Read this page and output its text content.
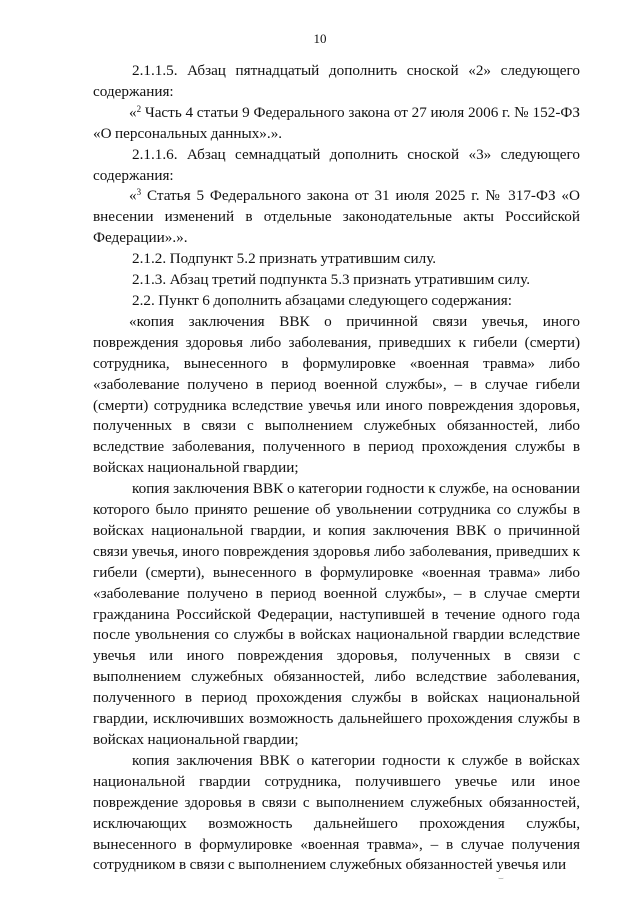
10

2.1.1.5. Абзац пятнадцатый дополнить сноской «2» следующего содержания:

«$^2$ Часть 4 статьи 9 Федерального закона от 27 июля 2006 г. № 152-ФЗ «О персональных данных».».

2.1.1.6. Абзац семнадцатый дополнить сноской «3» следующего содержания:

«$^3$ Статья 5 Федерального закона от 31 июля 2025 г. № 317-ФЗ «О внесении изменений в отдельные законодательные акты Российской Федерации».».

2.1.2. Подпункт 5.2 признать утратившим силу.

2.1.3. Абзац третий подпункта 5.3 признать утратившим силу.

2.2. Пункт 6 дополнить абзацами следующего содержания:

«копия заключения ВВК о причинной связи увечья, иного повреждения здоровья либо заболевания, приведших к гибели (смерти) сотрудника, вынесенного в формулировке «военная травма» либо «заболевание получено в период военной службы», – в случае гибели (смерти) сотрудника вследствие увечья или иного повреждения здоровья, полученных в связи с выполнением служебных обязанностей, либо вследствие заболевания, полученного в период прохождения службы в войсках национальной гвардии;

копия заключения ВВК о категории годности к службе, на основании которого было принято решение об увольнении сотрудника со службы в войсках национальной гвардии, и копия заключения ВВК о причинной связи увечья, иного повреждения здоровья либо заболевания, приведших к гибели (смерти), вынесенного в формулировке «военная травма» либо «заболевание получено в период военной службы», – в случае смерти гражданина Российской Федерации, наступившей в течение одного года после увольнения со службы в войсках национальной гвардии вследствие увечья или иного повреждения здоровья, полученных в связи с выполнением служебных обязанностей, либо вследствие заболевания, полученного в период прохождения службы в войсках национальной гвардии, исключивших возможность дальнейшего прохождения службы в войсках национальной гвардии;

копия заключения ВВК о категории годности к службе в войсках национальной гвардии сотрудника, получившего увечье или иное повреждение здоровья в связи с выполнением служебных обязанностей, исключающих возможность дальнейшего прохождения службы, вынесенного в формулировке «военная травма», – в случае получения сотрудником в связи с выполнением служебных обязанностей увечья или

⌣
